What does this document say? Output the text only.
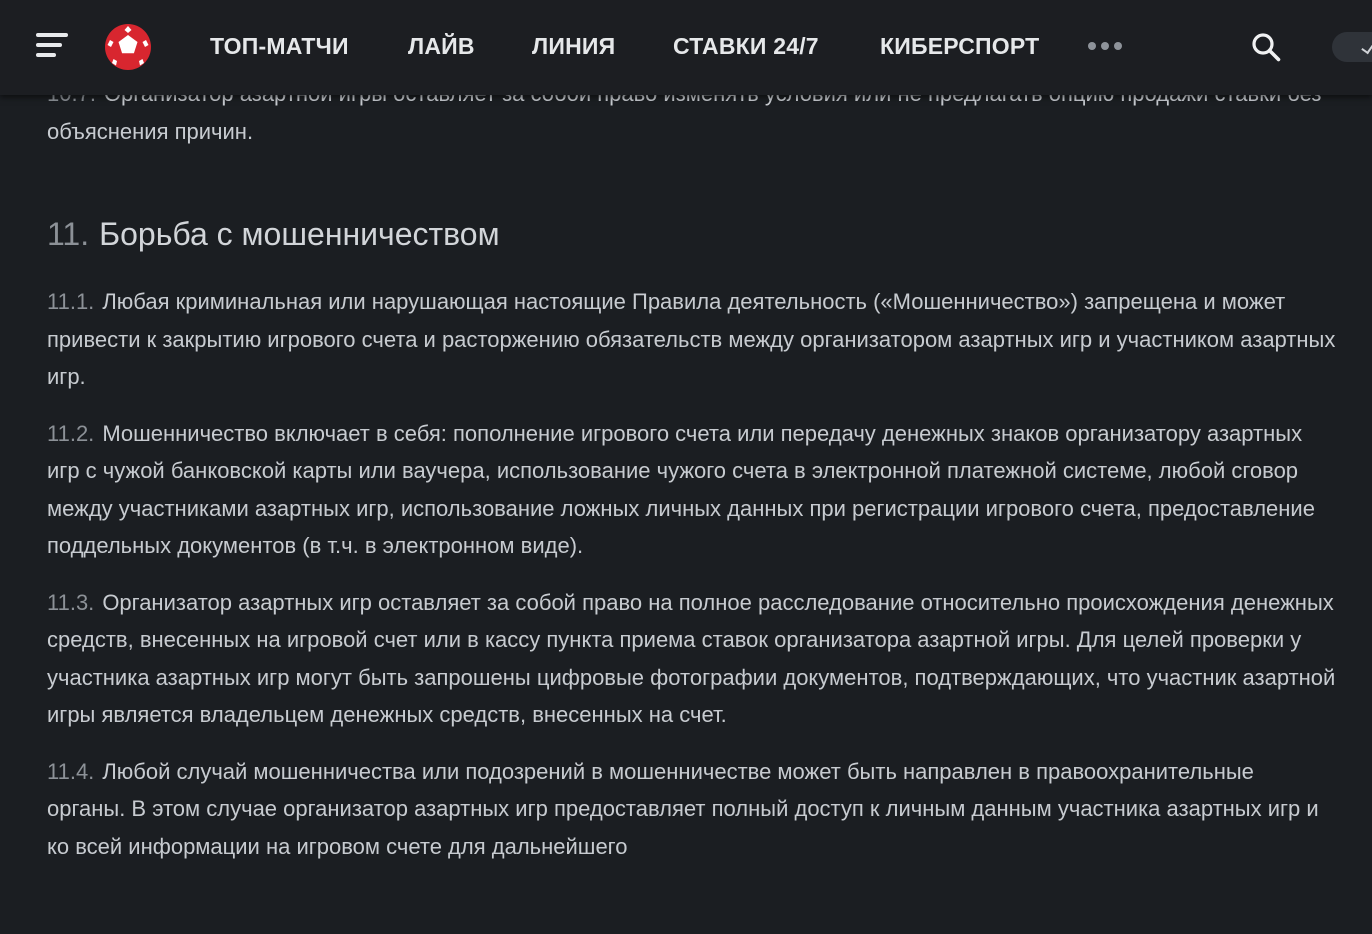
объяснения причин.

11. Борьба с мошенничеством

11.1. Любая криминальная или нарушающая настоящие Правила деятельность («Мошенничество») запрещена и может привести к закрытию игрового счета и расторжению обязательств между организатором азартных игр и участником азартных игр.

11.2. Мошенничество включает в себя: пополнение игрового счета или передачу денежных знаков организатору азартных игр с чужой банковской карты или ваучера, использование чужого счета в электронной платежной системе, любой сговор между участниками азартных игр, использование ложных личных данных при регистрации игрового счета, предоставление поддельных документов (в т.ч. в электронном виде).

11.3. Организатор азартных игр оставляет за собой право на полное расследование относительно происхождения денежных средств, внесенных на игровой счет или в кассу пункта приема ставок организатора азартной игры. Для целей проверки у участника азартных игр могут быть запрошены цифровые фотографии документов, подтверждающих, что участник азартной игры является владельцем денежных средств, внесенных на счет.

11.4. Любой случай мошенничества или подозрений в мошенничестве может быть направлен в правоохранительные органы. В этом случае организатор азартных игр предоставляет полный доступ к личным данным участника азартных игр и ко всей информации на игровом счете для дальнейшего

ТОП-МАТЧИ	ЛАЙВ ЛИНИЯ	СТАВКИ 24/7	КИБЕРСПОРТ
